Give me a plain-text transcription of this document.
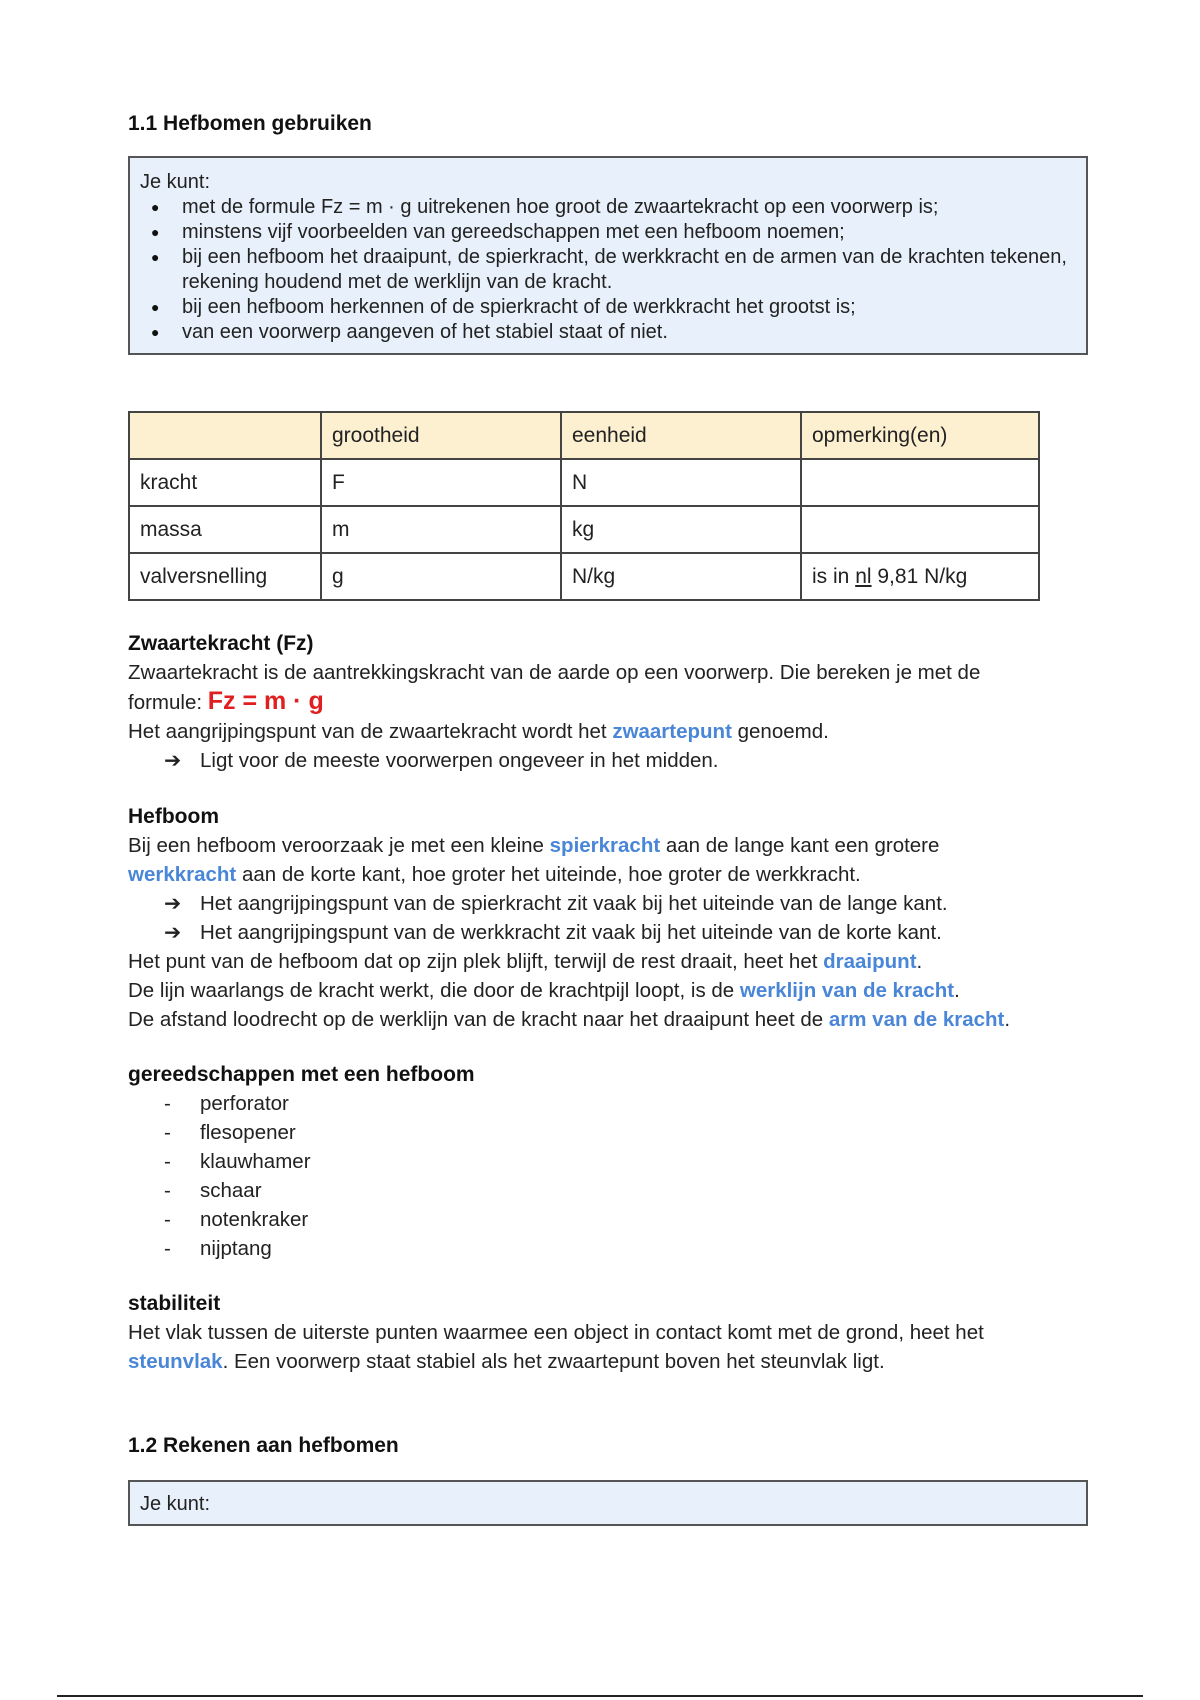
1.1 Hefbomen gebruiken
Je kunt:
● met de formule Fz = m · g uitrekenen hoe groot de zwaartekracht op een voorwerp is;
● minstens vijf voorbeelden van gereedschappen met een hefboom noemen;
● bij een hefboom het draaipunt, de spierkracht, de werkkracht en de armen van de krachten tekenen, rekening houdend met de werklijn van de kracht.
● bij een hefboom herkennen of de spierkracht of de werkkracht het grootst is;
● van een voorwerp aangeven of het stabiel staat of niet.
	grootheid	eenheid	opmerking(en)
kracht	F	N	
massa	m	kg	
valversnelling	g	N/kg	is in nl 9,81 N/kg
Zwaartekracht (Fz)

Zwaartekracht is de aantrekkingskracht van de aarde op een voorwerp. Die bereken je met de

formule: Fz = m · g

Het aangrijpingspunt van de zwaartekracht wordt het zwaartepunt genoemd.

➔ Ligt voor de meeste voorwerpen ongeveer in het midden.

Hefboom

Bij een hefboom veroorzaak je met een kleine spierkracht aan de lange kant een grotere

werkkracht aan de korte kant, hoe groter het uiteinde, hoe groter de werkkracht.

➔ Het aangrijpingspunt van de spierkracht zit vaak bij het uiteinde van de lange kant.

➔ Het aangrijpingspunt van de werkkracht zit vaak bij het uiteinde van de korte kant.

Het punt van de hefboom dat op zijn plek blijft, terwijl de rest draait, heet het draaipunt.

De lijn waarlangs de kracht werkt, die door de krachtpijl loopt, is de werklijn van de kracht.

De afstand loodrecht op de werklijn van de kracht naar het draaipunt heet de arm van de kracht.

gereedschappen met een hefboom
- perforator
- flesopener
- klauwhamer
- schaar
- notenkraker
- nijptang
stabiliteit

Het vlak tussen de uiterste punten waarmee een object in contact komt met de grond, heet het

steunvlak. Een voorwerp staat stabiel als het zwaartepunt boven het steunvlak ligt.

1.2 Rekenen aan hefbomen
Je kunt:
